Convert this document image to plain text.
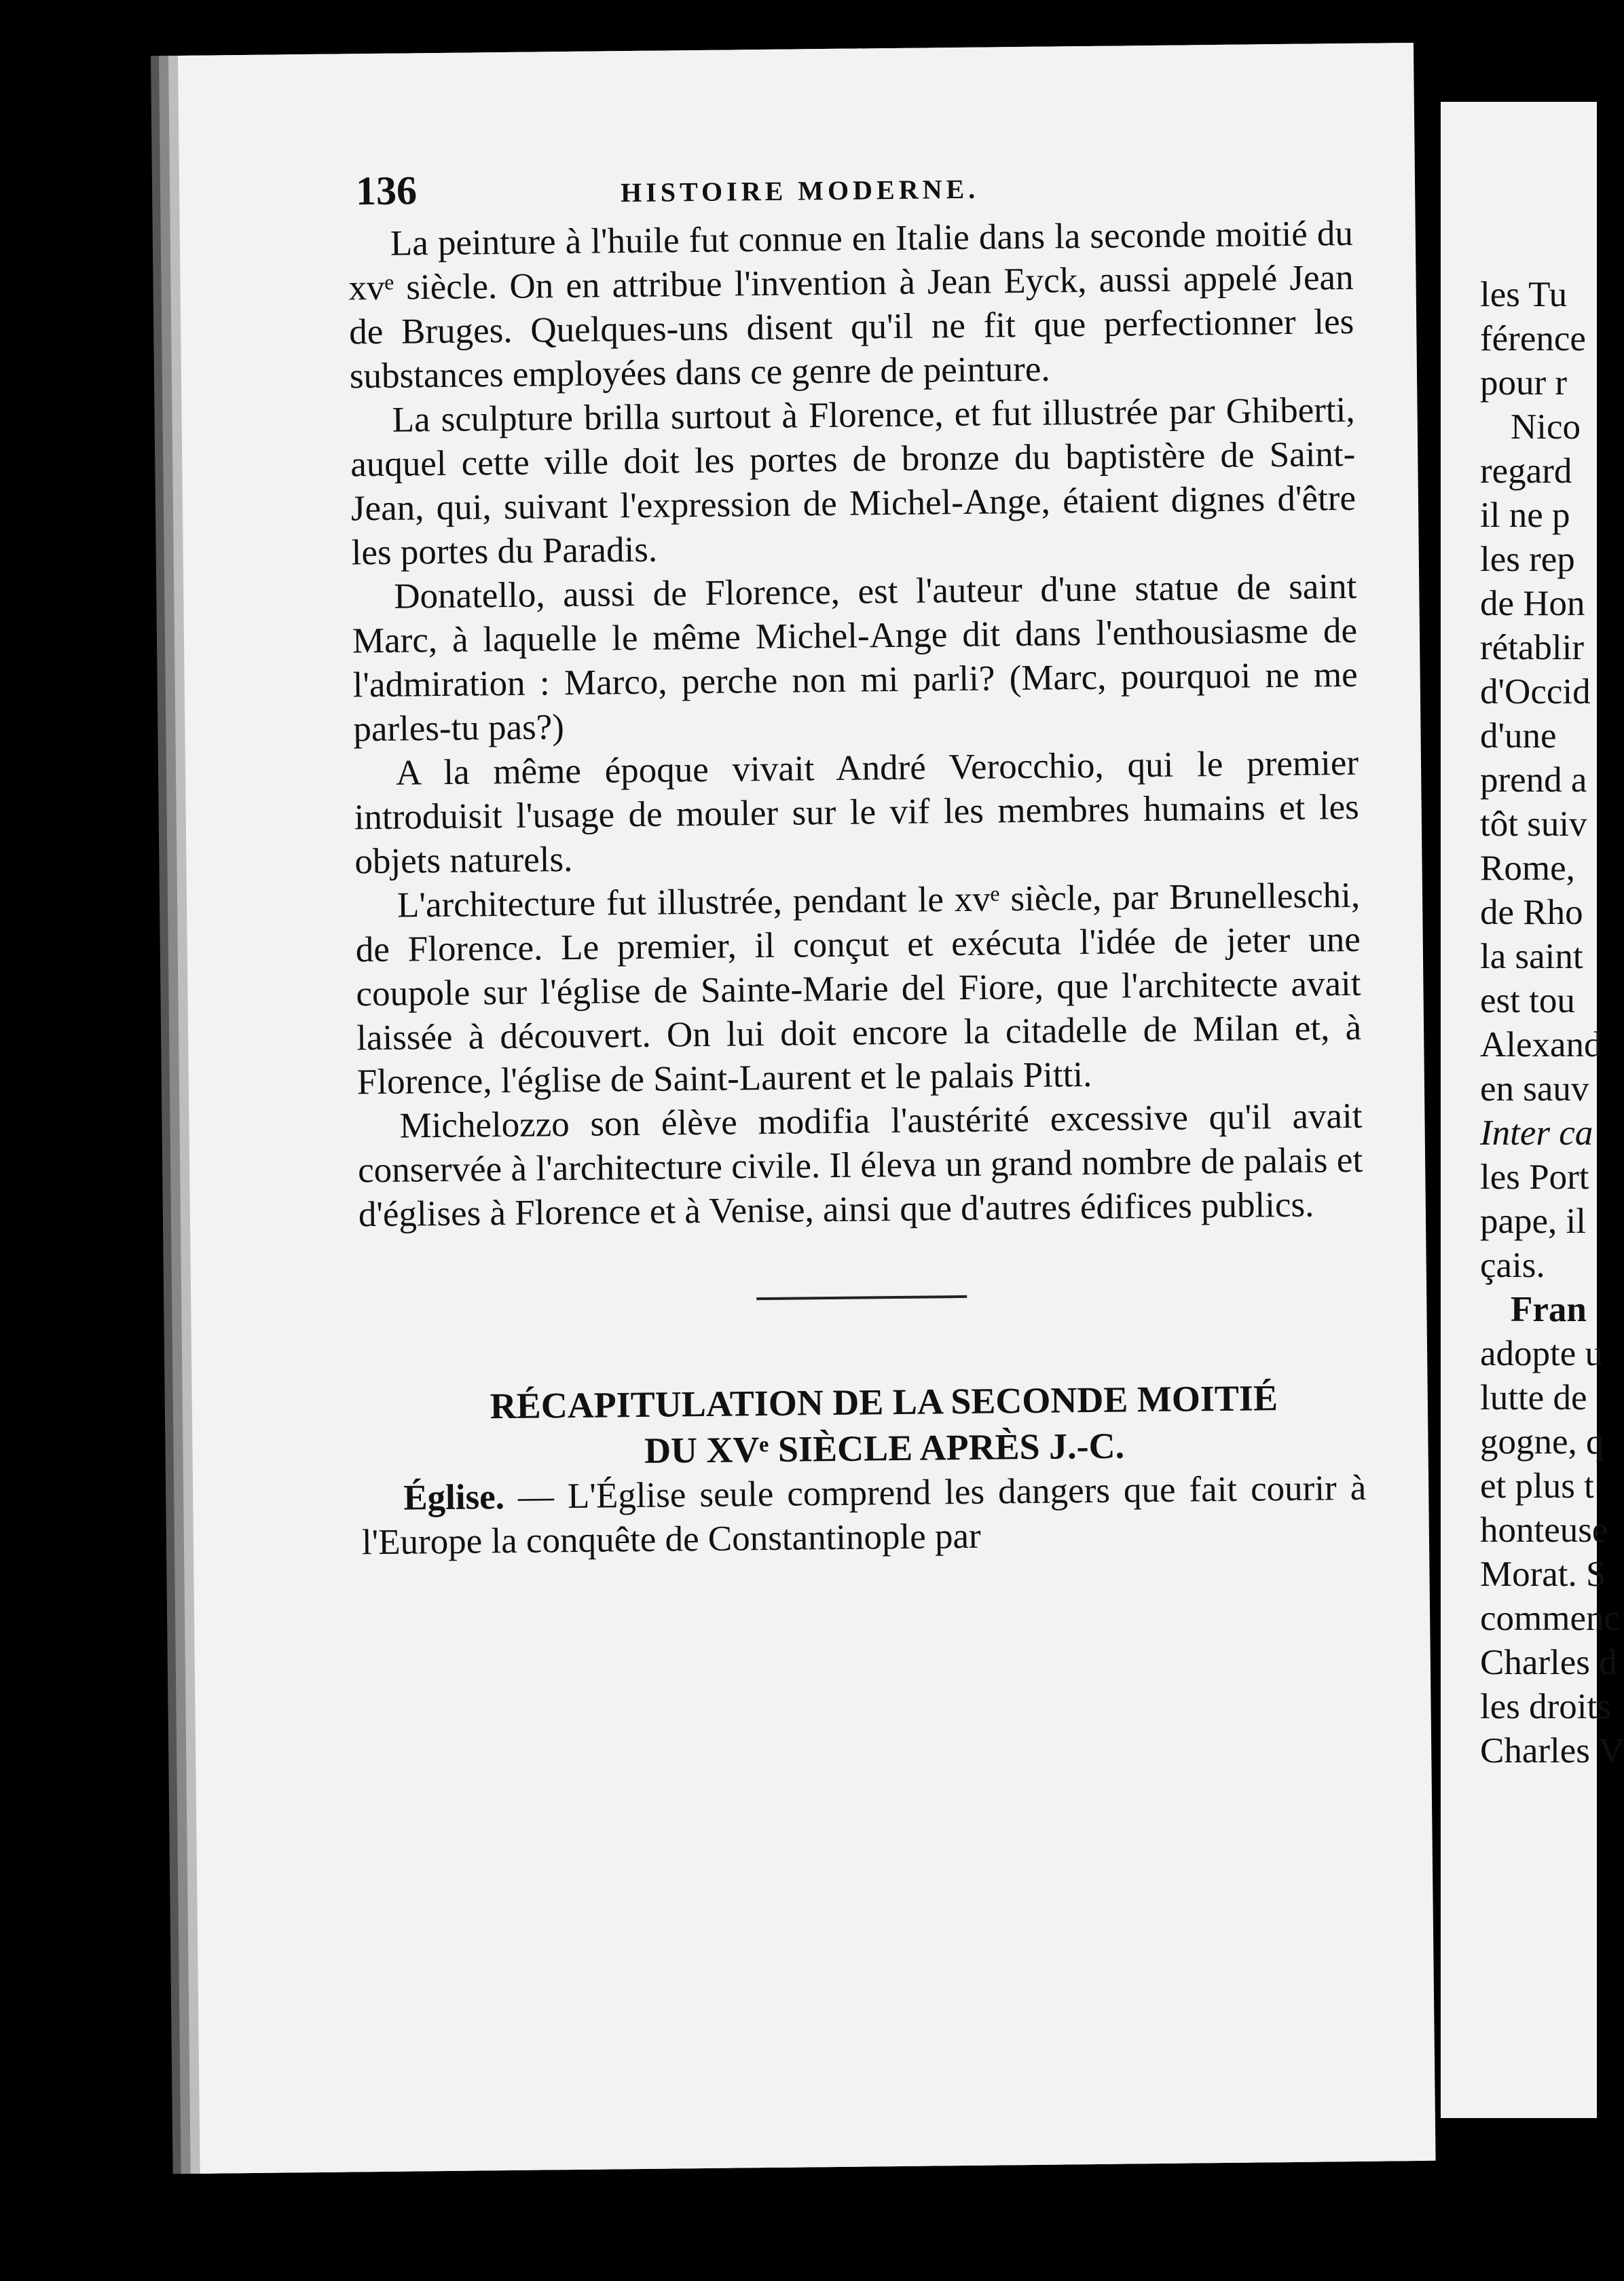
136	HISTOIRE MODERNE.

La peinture à l'huile fut connue en Italie dans la seconde moitié du xvᵉ siècle. On en attribue l'invention à Jean Eyck, aussi appelé Jean de Bruges. Quelques-uns disent qu'il ne fit que perfectionner les substances employées dans ce genre de peinture.

La sculpture brilla surtout à Florence, et fut illustrée par Ghiberti, auquel cette ville doit les portes de bronze du baptistère de Saint-Jean, qui, suivant l'expression de Michel-Ange, étaient dignes d'être les portes du Paradis.

Donatello, aussi de Florence, est l'auteur d'une statue de saint Marc, à laquelle le même Michel-Ange dit dans l'enthousiasme de l'admiration : Marco, perche non mi parli? (Marc, pourquoi ne me parles-tu pas?)

A la même époque vivait André Verocchio, qui le premier introduisit l'usage de mouler sur le vif les membres humains et les objets naturels.

L'architecture fut illustrée, pendant le xvᵉ siècle, par Brunelleschi, de Florence. Le premier, il conçut et exécuta l'idée de jeter une coupole sur l'église de Sainte-Marie del Fiore, que l'architecte avait laissée à découvert. On lui doit encore la citadelle de Milan et, à Florence, l'église de Saint-Laurent et le palais Pitti.

Michelozzo son élève modifia l'austérité excessive qu'il avait conservée à l'architecture civile. Il éleva un grand nombre de palais et d'églises à Florence et à Venise, ainsi que d'autres édifices publics.

RÉCAPITULATION DE LA SECONDE MOITIÉ
DU XVᵉ SIÈCLE APRÈS J.-C.

Église. — L'Église seule comprend les dangers que fait courir à l'Europe la conquête de Constantinople par

les Tu
férence
pour r
Nico
regard
il ne p
les rep
de Hon
rétablir
d'Occid
d'une
prend a
tôt suiv
Rome,
de Rho
la saint
est tou
Alexand
en sauv
Inter ca
les Port
pape, il
çais.
Fran
adopte u
lutte de
gogne, q
et plus t
honteuse
Morat. S
commenc
Charles d
les droits
Charles V
